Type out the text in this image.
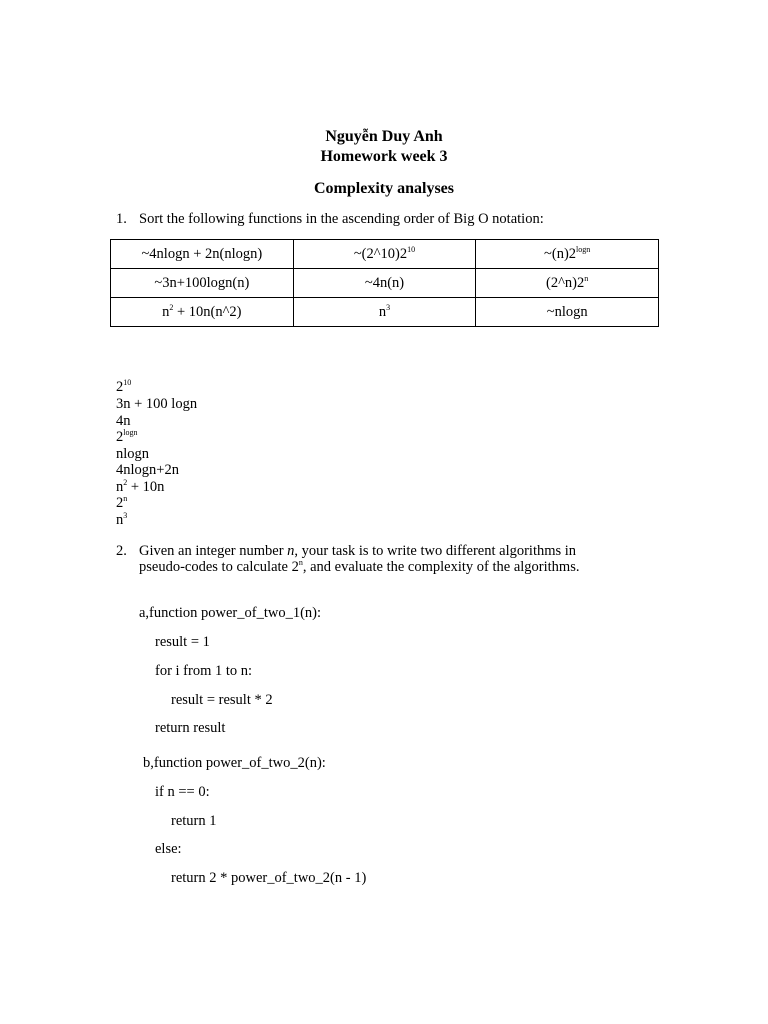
Nguyễn Duy Anh
Homework week 3
Complexity analyses
1. Sort the following functions in the ascending order of Big O notation:
~4nlogn + 2n(nlogn)	$\sim(2\^{}10)2^{10}$	$\sim(n)2^{logn}$
~3n+100logn(n)	~4n(n)	(2^n)2$^n$
$n^2$ + 10n(n^2)	$n^3$	~nlogn
$2^{10}$
3n + 100 logn
4n
$2^{logn}$
nlogn
4nlogn+2n
$n^2 + 10n$
2$^n$
$n^3$
2. Given an integer number n, your task is to write two different algorithms in
pseudo-codes to calculate 2$^n$, and evaluate the complexity of the algorithms.
a,function power_of_two_1(n):
result = 1
for i from 1 to n:
result = result * 2
return result
b,function power_of_two_2(n):
if n == 0:
return 1
else:
return 2 * power_of_two_2(n - 1)
